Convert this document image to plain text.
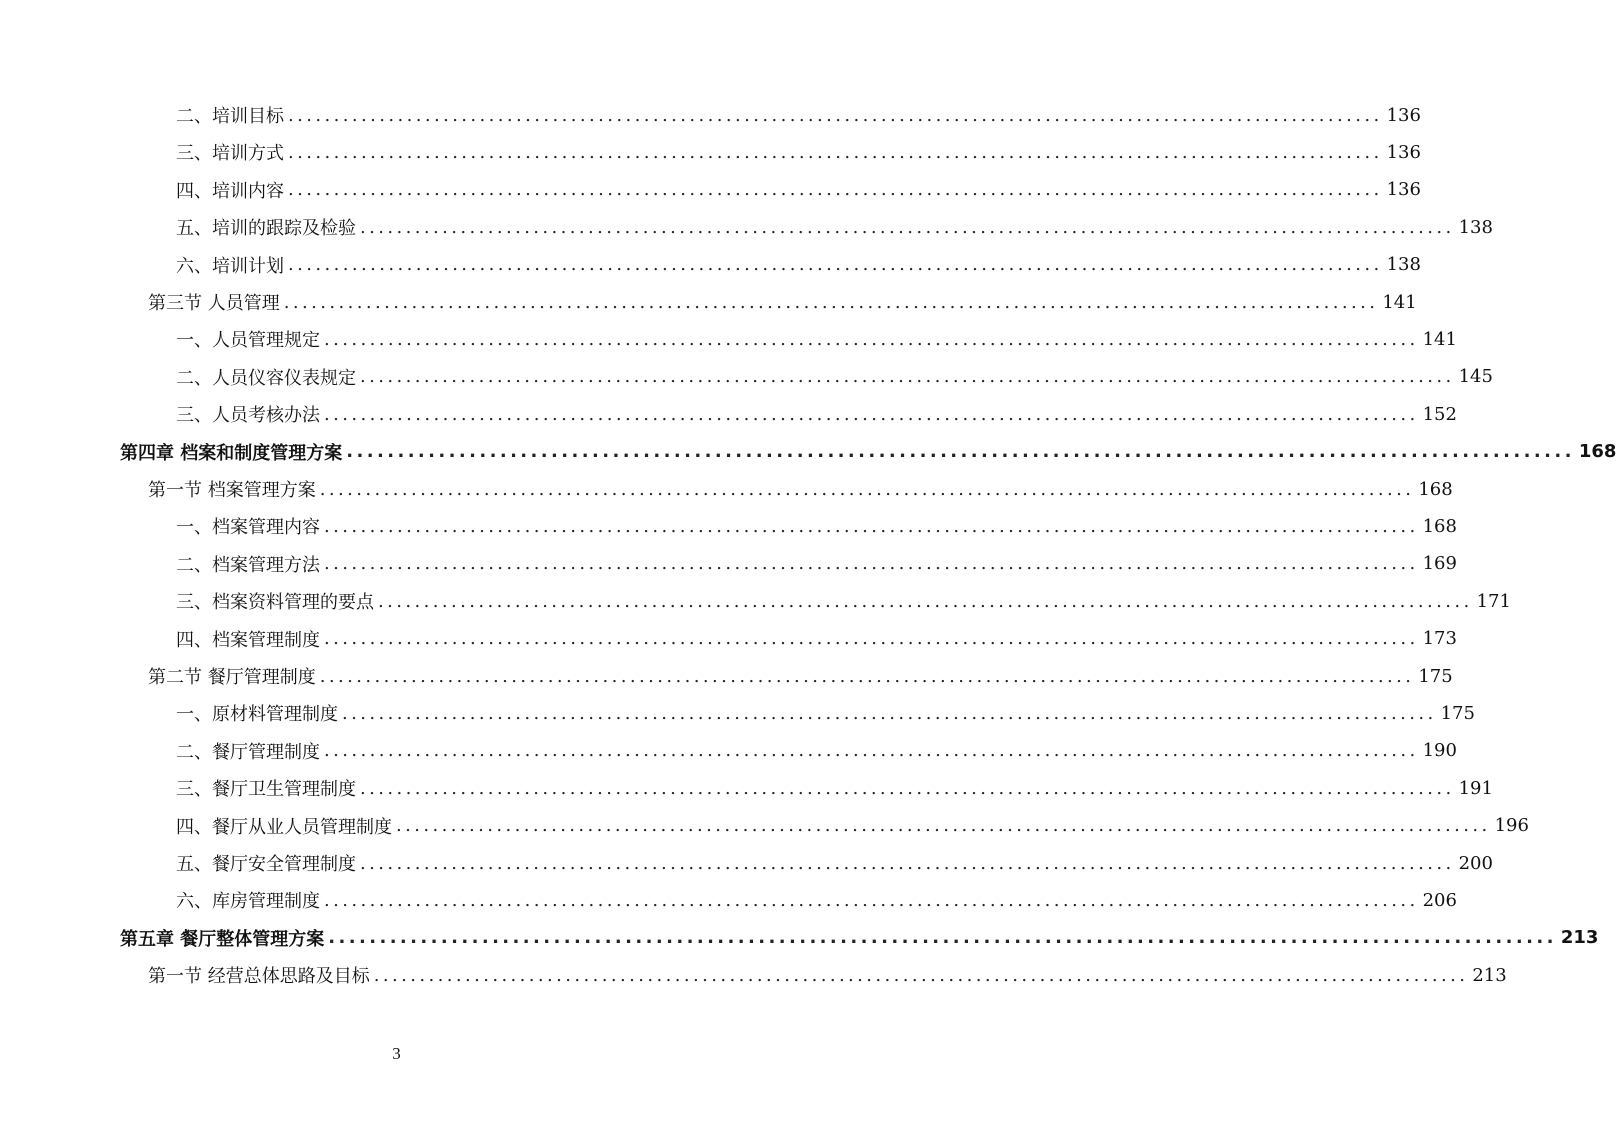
二、培训目标 ........................................................................................................................ 136
三、培训方式 ........................................................................................................................ 136
四、培训内容 ........................................................................................................................ 136
五、培训的跟踪及检验 ........................................................................................................................ 138
六、培训计划 ........................................................................................................................ 138
第三节 人员管理 ........................................................................................................................ 141
一、人员管理规定 ........................................................................................................................ 141
二、人员仪容仪表规定 ........................................................................................................................ 145
三、人员考核办法 ........................................................................................................................ 152
第四章 档案和制度管理方案 ........................................................................................................................ 168
第一节 档案管理方案 ........................................................................................................................ 168
一、档案管理内容 ........................................................................................................................ 168
二、档案管理方法 ........................................................................................................................ 169
三、档案资料管理的要点 ........................................................................................................................ 171
四、档案管理制度 ........................................................................................................................ 173
第二节 餐厅管理制度 ........................................................................................................................ 175
一、原材料管理制度 ........................................................................................................................ 175
二、餐厅管理制度 ........................................................................................................................ 190
三、餐厅卫生管理制度 ........................................................................................................................ 191
四、餐厅从业人员管理制度 ........................................................................................................................ 196
五、餐厅安全管理制度 ........................................................................................................................ 200
六、库房管理制度 ........................................................................................................................ 206
第五章 餐厅整体管理方案 ........................................................................................................................ 213
第一节 经营总体思路及目标 ........................................................................................................................ 213
3
